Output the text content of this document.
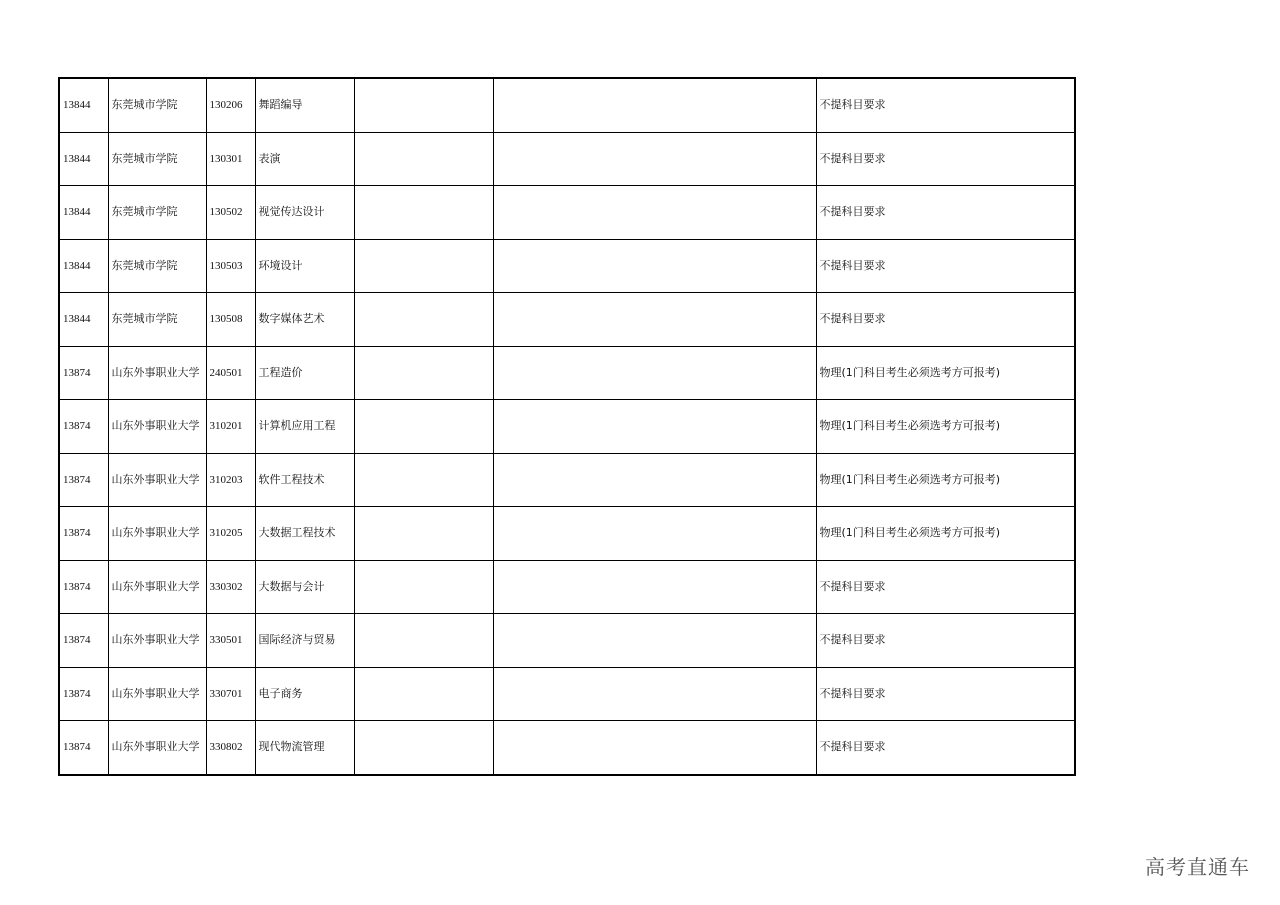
13844	东莞城市学院	130206	舞蹈编导			不提科目要求
13844	东莞城市学院	130301	表演			不提科目要求
13844	东莞城市学院	130502	视觉传达设计			不提科目要求
13844	东莞城市学院	130503	环境设计			不提科目要求
13844	东莞城市学院	130508	数字媒体艺术			不提科目要求
13874	山东外事职业大学	240501	工程造价			物理(1门科目考生必须选考方可报考)
13874	山东外事职业大学	310201	计算机应用工程			物理(1门科目考生必须选考方可报考)
13874	山东外事职业大学	310203	软件工程技术			物理(1门科目考生必须选考方可报考)
13874	山东外事职业大学	310205	大数据工程技术			物理(1门科目考生必须选考方可报考)
13874	山东外事职业大学	330302	大数据与会计			不提科目要求
13874	山东外事职业大学	330501	国际经济与贸易			不提科目要求
13874	山东外事职业大学	330701	电子商务			不提科目要求
13874	山东外事职业大学	330802	现代物流管理			不提科目要求
高考直通车
